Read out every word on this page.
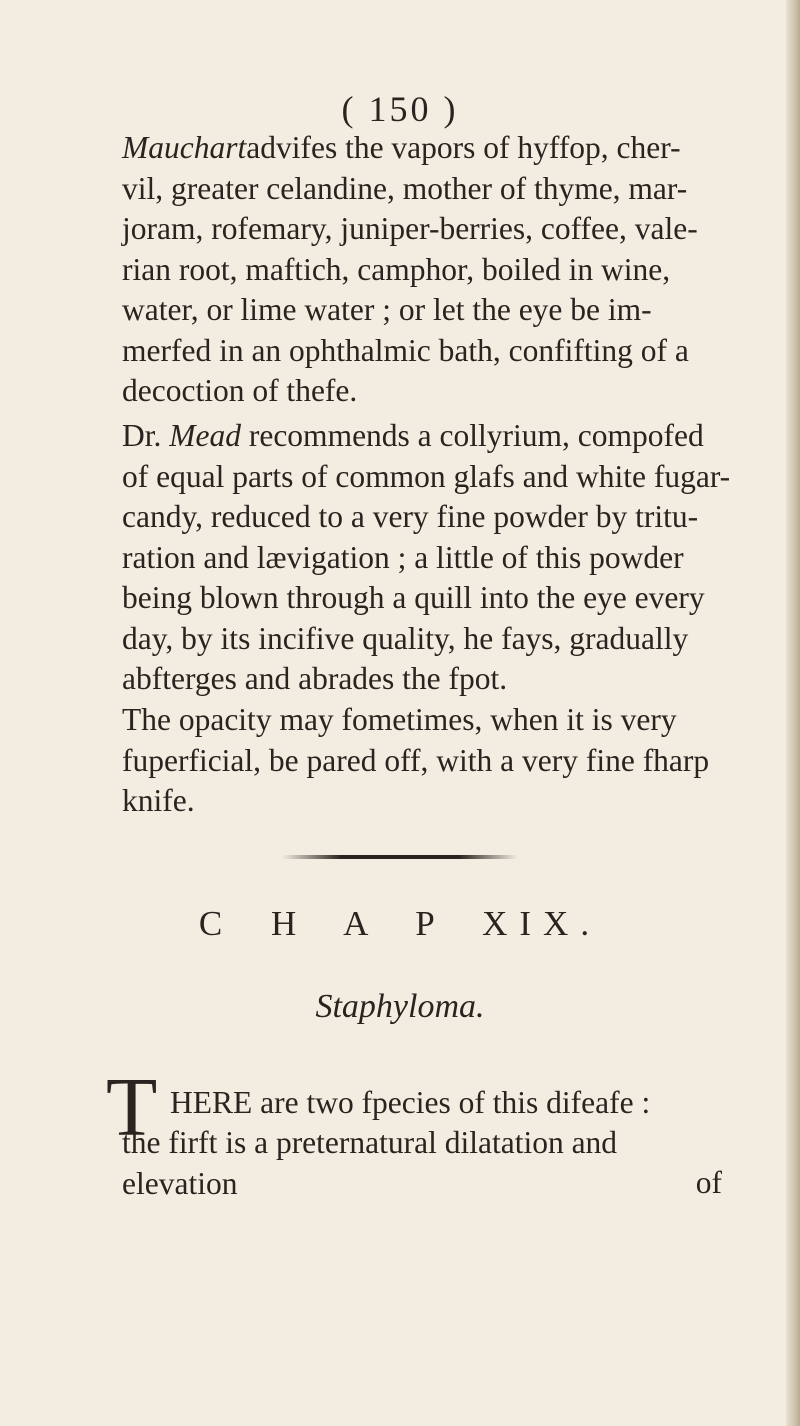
( 150 )
Mauchartadvifes the vapors of hyffop, cher-
vil, greater celandine, mother of thyme, mar-
joram, rofemary, juniper-berries, coffee, vale-
rian root, maftich, camphor, boiled in wine,
water, or lime water ; or let the eye be im-
merfed in an ophthalmic bath, confifting of a
decoction of thefe.
Dr. Mead recommends a collyrium, compofed
of equal parts of common glafs and white fugar-
candy, reduced to a very fine powder by tritu-
ration and lævigation ; a little of this powder
being blown through a quill into the eye every
day, by its incifive quality, he fays, gradually
abfterges and abrades the fpot.
The opacity may fometimes, when it is very
fuperficial, be pared off, with a very fine fharp
knife.
C H A P XIX.
Staphyloma.
T HERE are two fpecies of this difeafe :
the firft is a preternatural dilatation and elevation	of
